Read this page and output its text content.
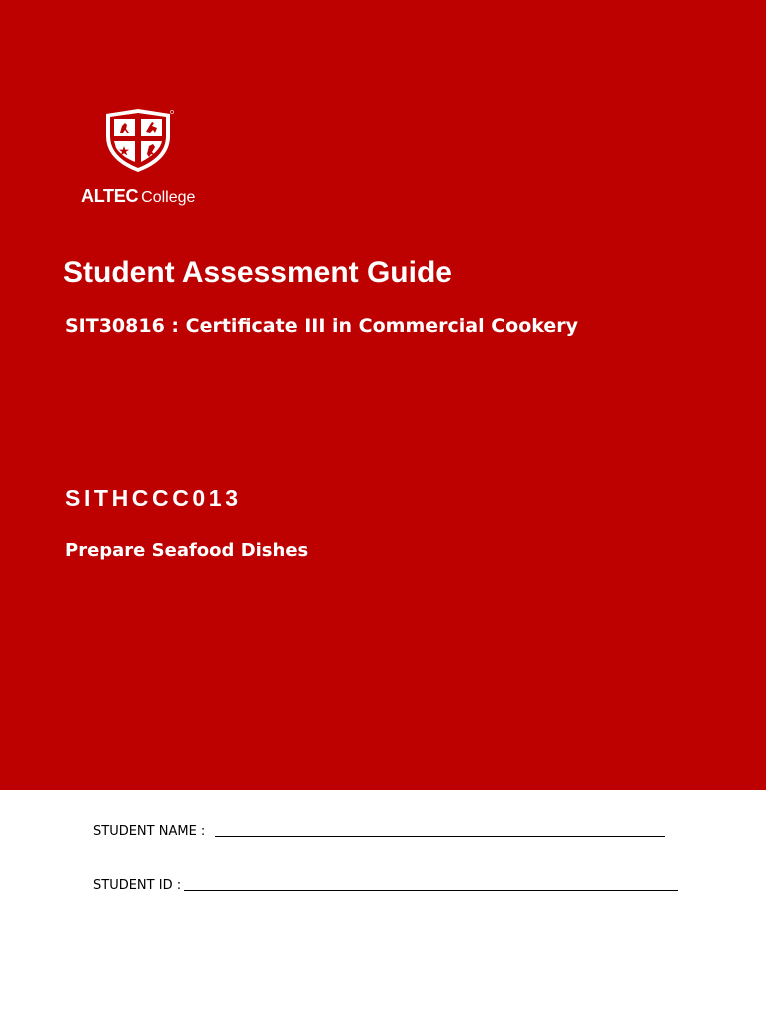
ALTEC College
Student Assessment Guide
SIT30816 : Certificate III in Commercial Cookery
SITHCCC013
Prepare Seafood Dishes
STUDENT NAME :
STUDENT ID :
